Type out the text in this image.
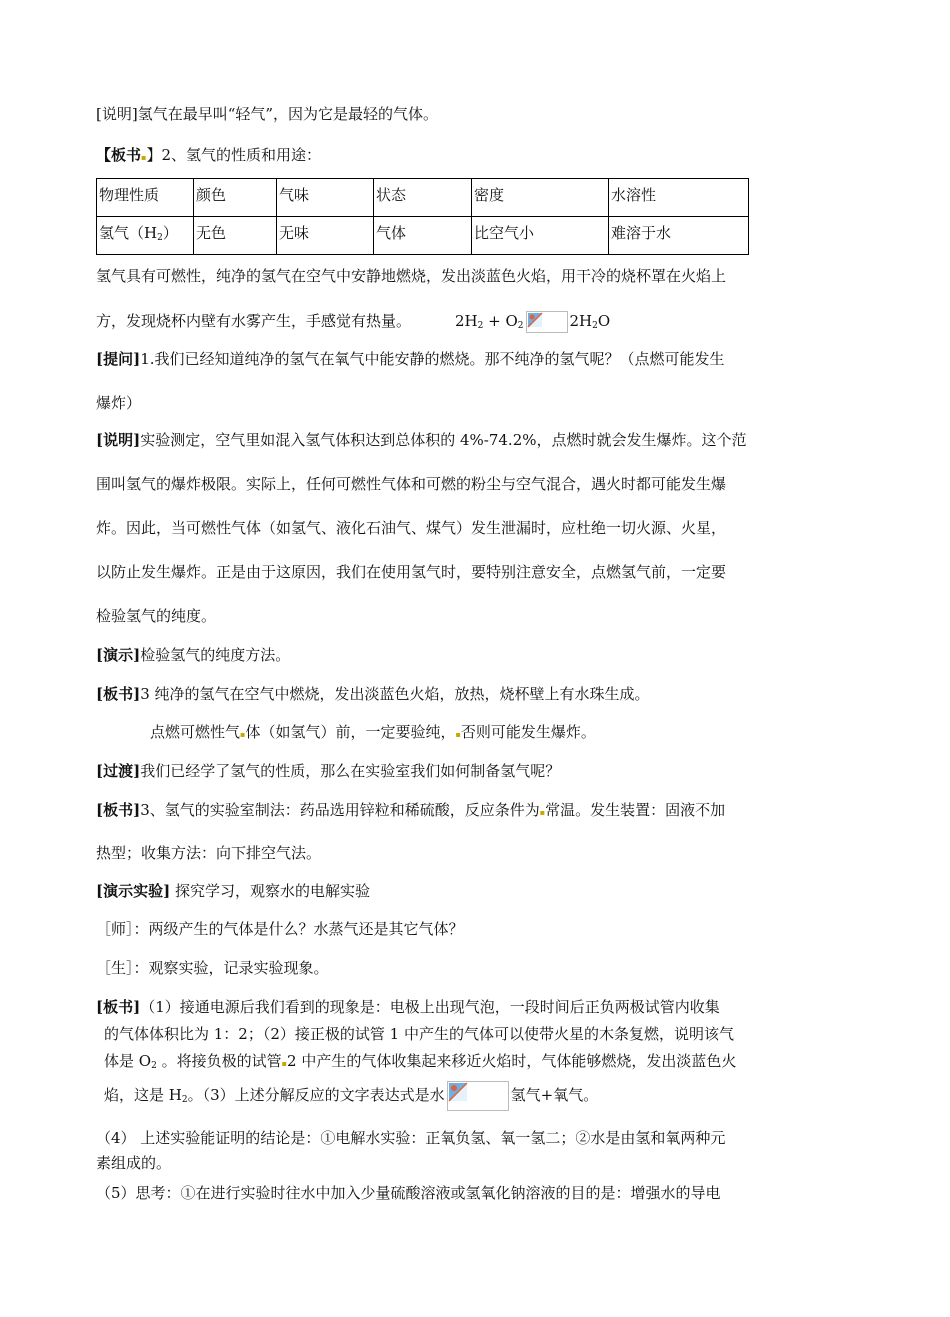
[说明]氢气在最早叫“轻气”，因为它是最轻的气体。
【板书▪】2、氢气的性质和用途：
物理性质	颜色	气味	状态	密度	水溶性
氢气$(H_2)$	无色	无味	气体	比空气小	难溶于水
氢气具有可燃性，纯净的氢气在空气中安静地燃烧，发出淡蓝色火焰，用干冷的烧杯罩在火焰上
方，发现烧杯内壁有水雾产生，手感觉有热量。	$2H_2 + O_2$	$2H_2O$
[提问]1.我们已经知道纯净的氢气在氧气中能安静的燃烧。那不纯净的氢气呢？（点燃可能发生
爆炸）
[说明]实验测定，空气里如混入氢气体积达到总体积的 4%-74.2%，点燃时就会发生爆炸。这个范
围叫氢气的爆炸极限。实际上，任何可燃性气体和可燃的粉尘与空气混合，遇火时都可能发生爆
炸。因此，当可燃性气体（如氢气、液化石油气、煤气）发生泄漏时，应杜绝一切火源、火星，
以防止发生爆炸。正是由于这原因，我们在使用氢气时，要特别注意安全，点燃氢气前，一定要
检验氢气的纯度。
[演示]检验氢气的纯度方法。
[板书]3 纯净的氢气在空气中燃烧，发出淡蓝色火焰，放热，烧杯壁上有水珠生成。
点燃可燃性气▪体（如氢气）前，一定要验纯，▪否则可能发生爆炸。
[过渡]我们已经学了氢气的性质，那么在实验室我们如何制备氢气呢？
[板书]3、氢气的实验室制法：药品选用锌粒和稀硫酸，反应条件为▪常温。发生装置：固液不加
热型；收集方法：向下排空气法。
[演示实验] 探究学习，观察水的电解实验
［师］：两级产生的气体是什么？水蒸气还是其它气体？
［生］：观察实验，记录实验现象。
[板书]（1）接通电源后我们看到的现象是：电极上出现气泡，一段时间后正负两极试管内收集
的气体体积比为 1：2；（2）接正极的试管 1 中产生的气体可以使带火星的木条复燃，说明该气
体是 $O_2$ 。将接负极的试管▪2 中产生的气体收集起来移近火焰时，气体能够燃烧，发出淡蓝色火
焰，这是 $H_2$。（3）上述分解反应的文字表达式是水	氢气+氧气。
（4） 上述实验能证明的结论是：①电解水实验：正氧负氢、氧一氢二；②水是由氢和氧两种元
素组成的。
（5）思考：①在进行实验时往水中加入少量硫酸溶液或氢氧化钠溶液的目的是：增强水的导电
